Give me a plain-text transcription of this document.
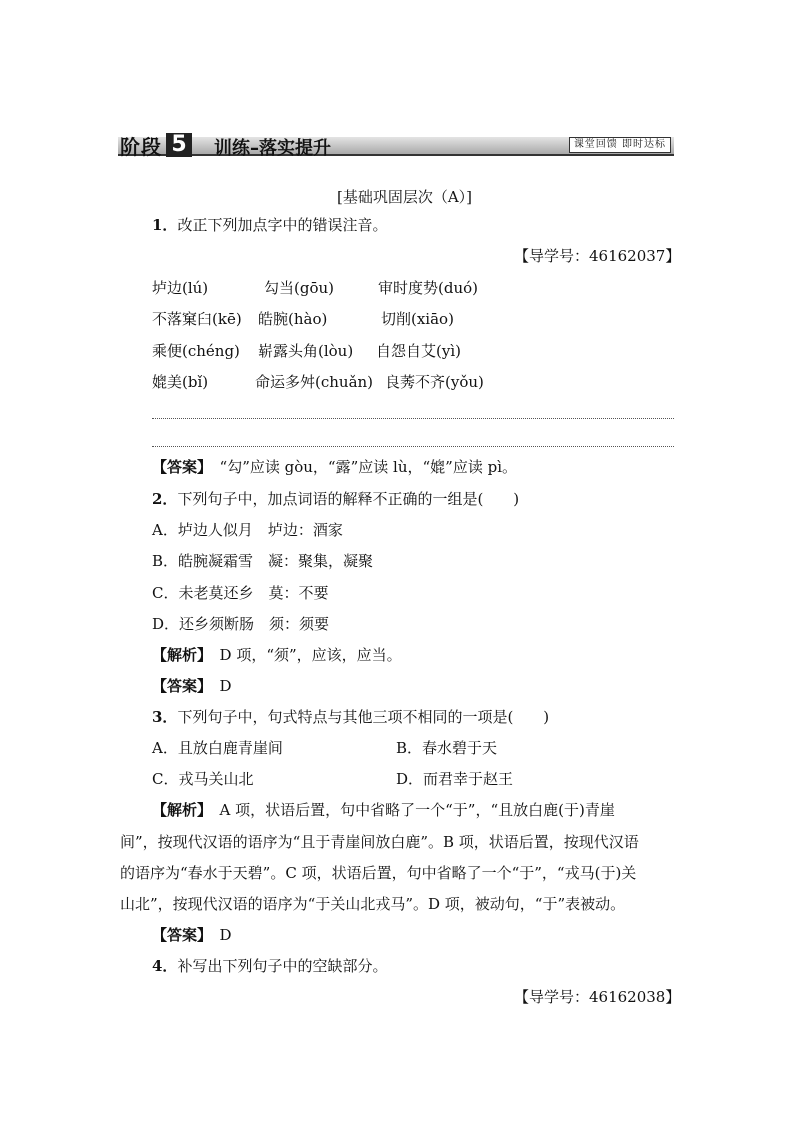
阶段 5 训练–落实提升	课堂回馈 即时达标
[基础巩固层次（A）]
1．改正下列加点字中的错误注音。
【导学号：46162037】
垆边(lú)	勾当(gōu)	审时度势(duó)
不落窠臼(kē) 皓腕(hào)	切削(xiāo)
乘便(chéng) 崭露头角(lòu) 自怨自艾(yì)
媲美(bǐ)	命运多舛(chuǎn) 良莠不齐(yǒu)
【答案】　 “勾”应读 gòu，“露”应读 lù，“媲”应读 pì。
2．下列句子中，加点词语的解释不正确的一组是(　　)
A．垆边人似月　垆边：酒家
B．皓腕凝霜雪　凝：聚集，凝聚
C．未老莫还乡　莫：不要
D．还乡须断肠　须：须要
【解析】　 D 项，“须”，应该，应当。
【答案】　 D
3．下列句子中，句式特点与其他三项不相同的一项是(　　)
A．且放白鹿青崖间	B．春水碧于天
C．戎马关山北	D．而君幸于赵王
【解析】　 A 项，状语后置，句中省略了一个“于”，“且放白鹿(于)青崖
间”，按现代汉语的语序为“且于青崖间放白鹿”。B 项，状语后置，按现代汉语
的语序为“春水于天碧”。C 项，状语后置，句中省略了一个“于”，“戎马(于)关
山北”，按现代汉语的语序为“于关山北戎马”。D 项，被动句，“于”表被动。
【答案】　 D
4．补写出下列句子中的空缺部分。
【导学号：46162038】
